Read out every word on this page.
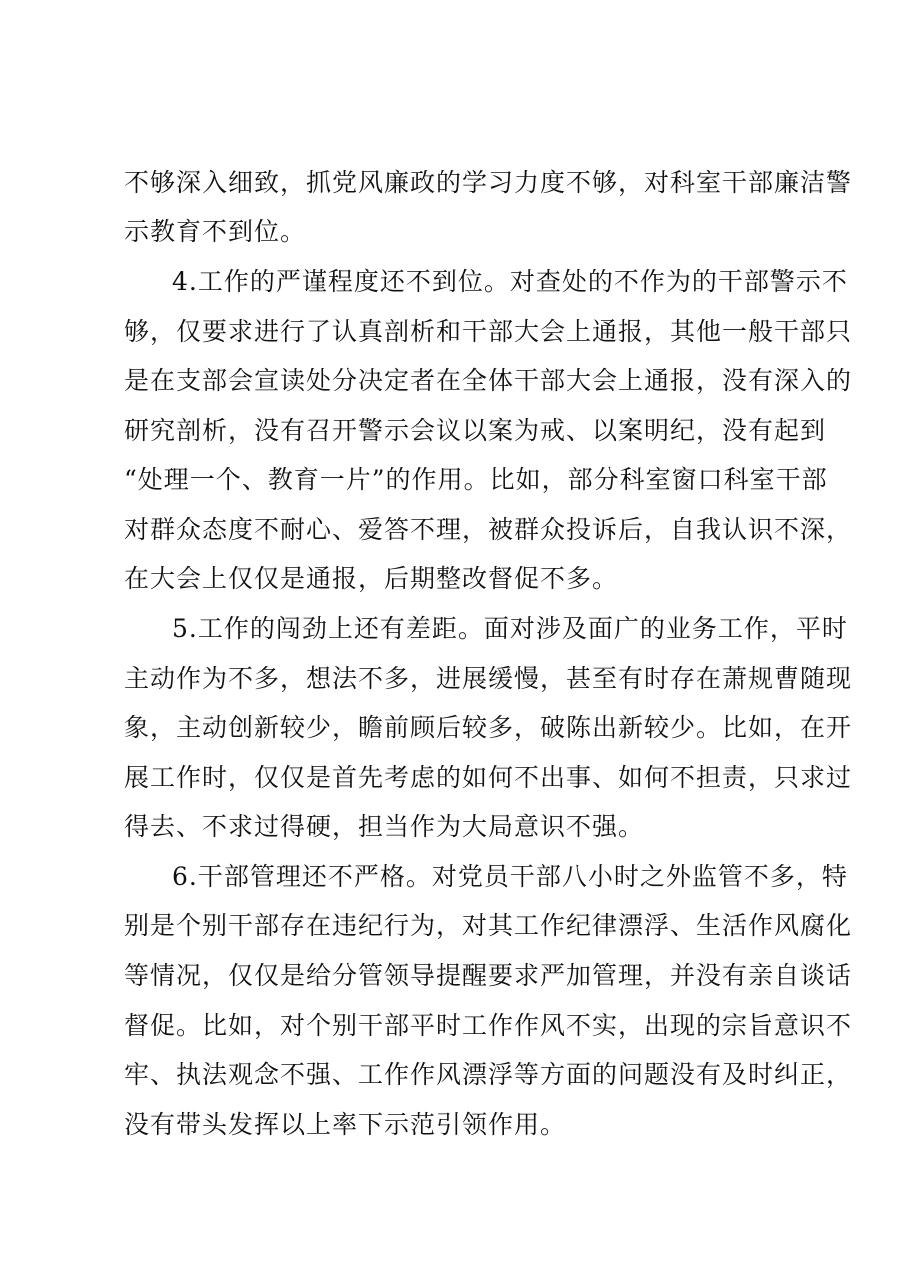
不够深入细致，抓党风廉政的学习力度不够，对科室干部廉洁警
示教育不到位。
4.工作的严谨程度还不到位。对查处的不作为的干部警示不
够，仅要求进行了认真剖析和干部大会上通报，其他一般干部只
是在支部会宣读处分决定者在全体干部大会上通报，没有深入的
研究剖析，没有召开警示会议以案为戒、以案明纪，没有起到
“处理一个、教育一片”的作用。比如，部分科室窗口科室干部
对群众态度不耐心、爱答不理，被群众投诉后，自我认识不深，
在大会上仅仅是通报，后期整改督促不多。
5.工作的闯劲上还有差距。面对涉及面广的业务工作，平时
主动作为不多，想法不多，进展缓慢，甚至有时存在萧规曹随现
象，主动创新较少，瞻前顾后较多，破陈出新较少。比如，在开
展工作时，仅仅是首先考虑的如何不出事、如何不担责，只求过
得去、不求过得硬，担当作为大局意识不强。
6.干部管理还不严格。对党员干部八小时之外监管不多，特
别是个别干部存在违纪行为，对其工作纪律漂浮、生活作风腐化
等情况，仅仅是给分管领导提醒要求严加管理，并没有亲自谈话
督促。比如，对个别干部平时工作作风不实，出现的宗旨意识不
牢、执法观念不强、工作作风漂浮等方面的问题没有及时纠正，
没有带头发挥以上率下示范引领作用。
